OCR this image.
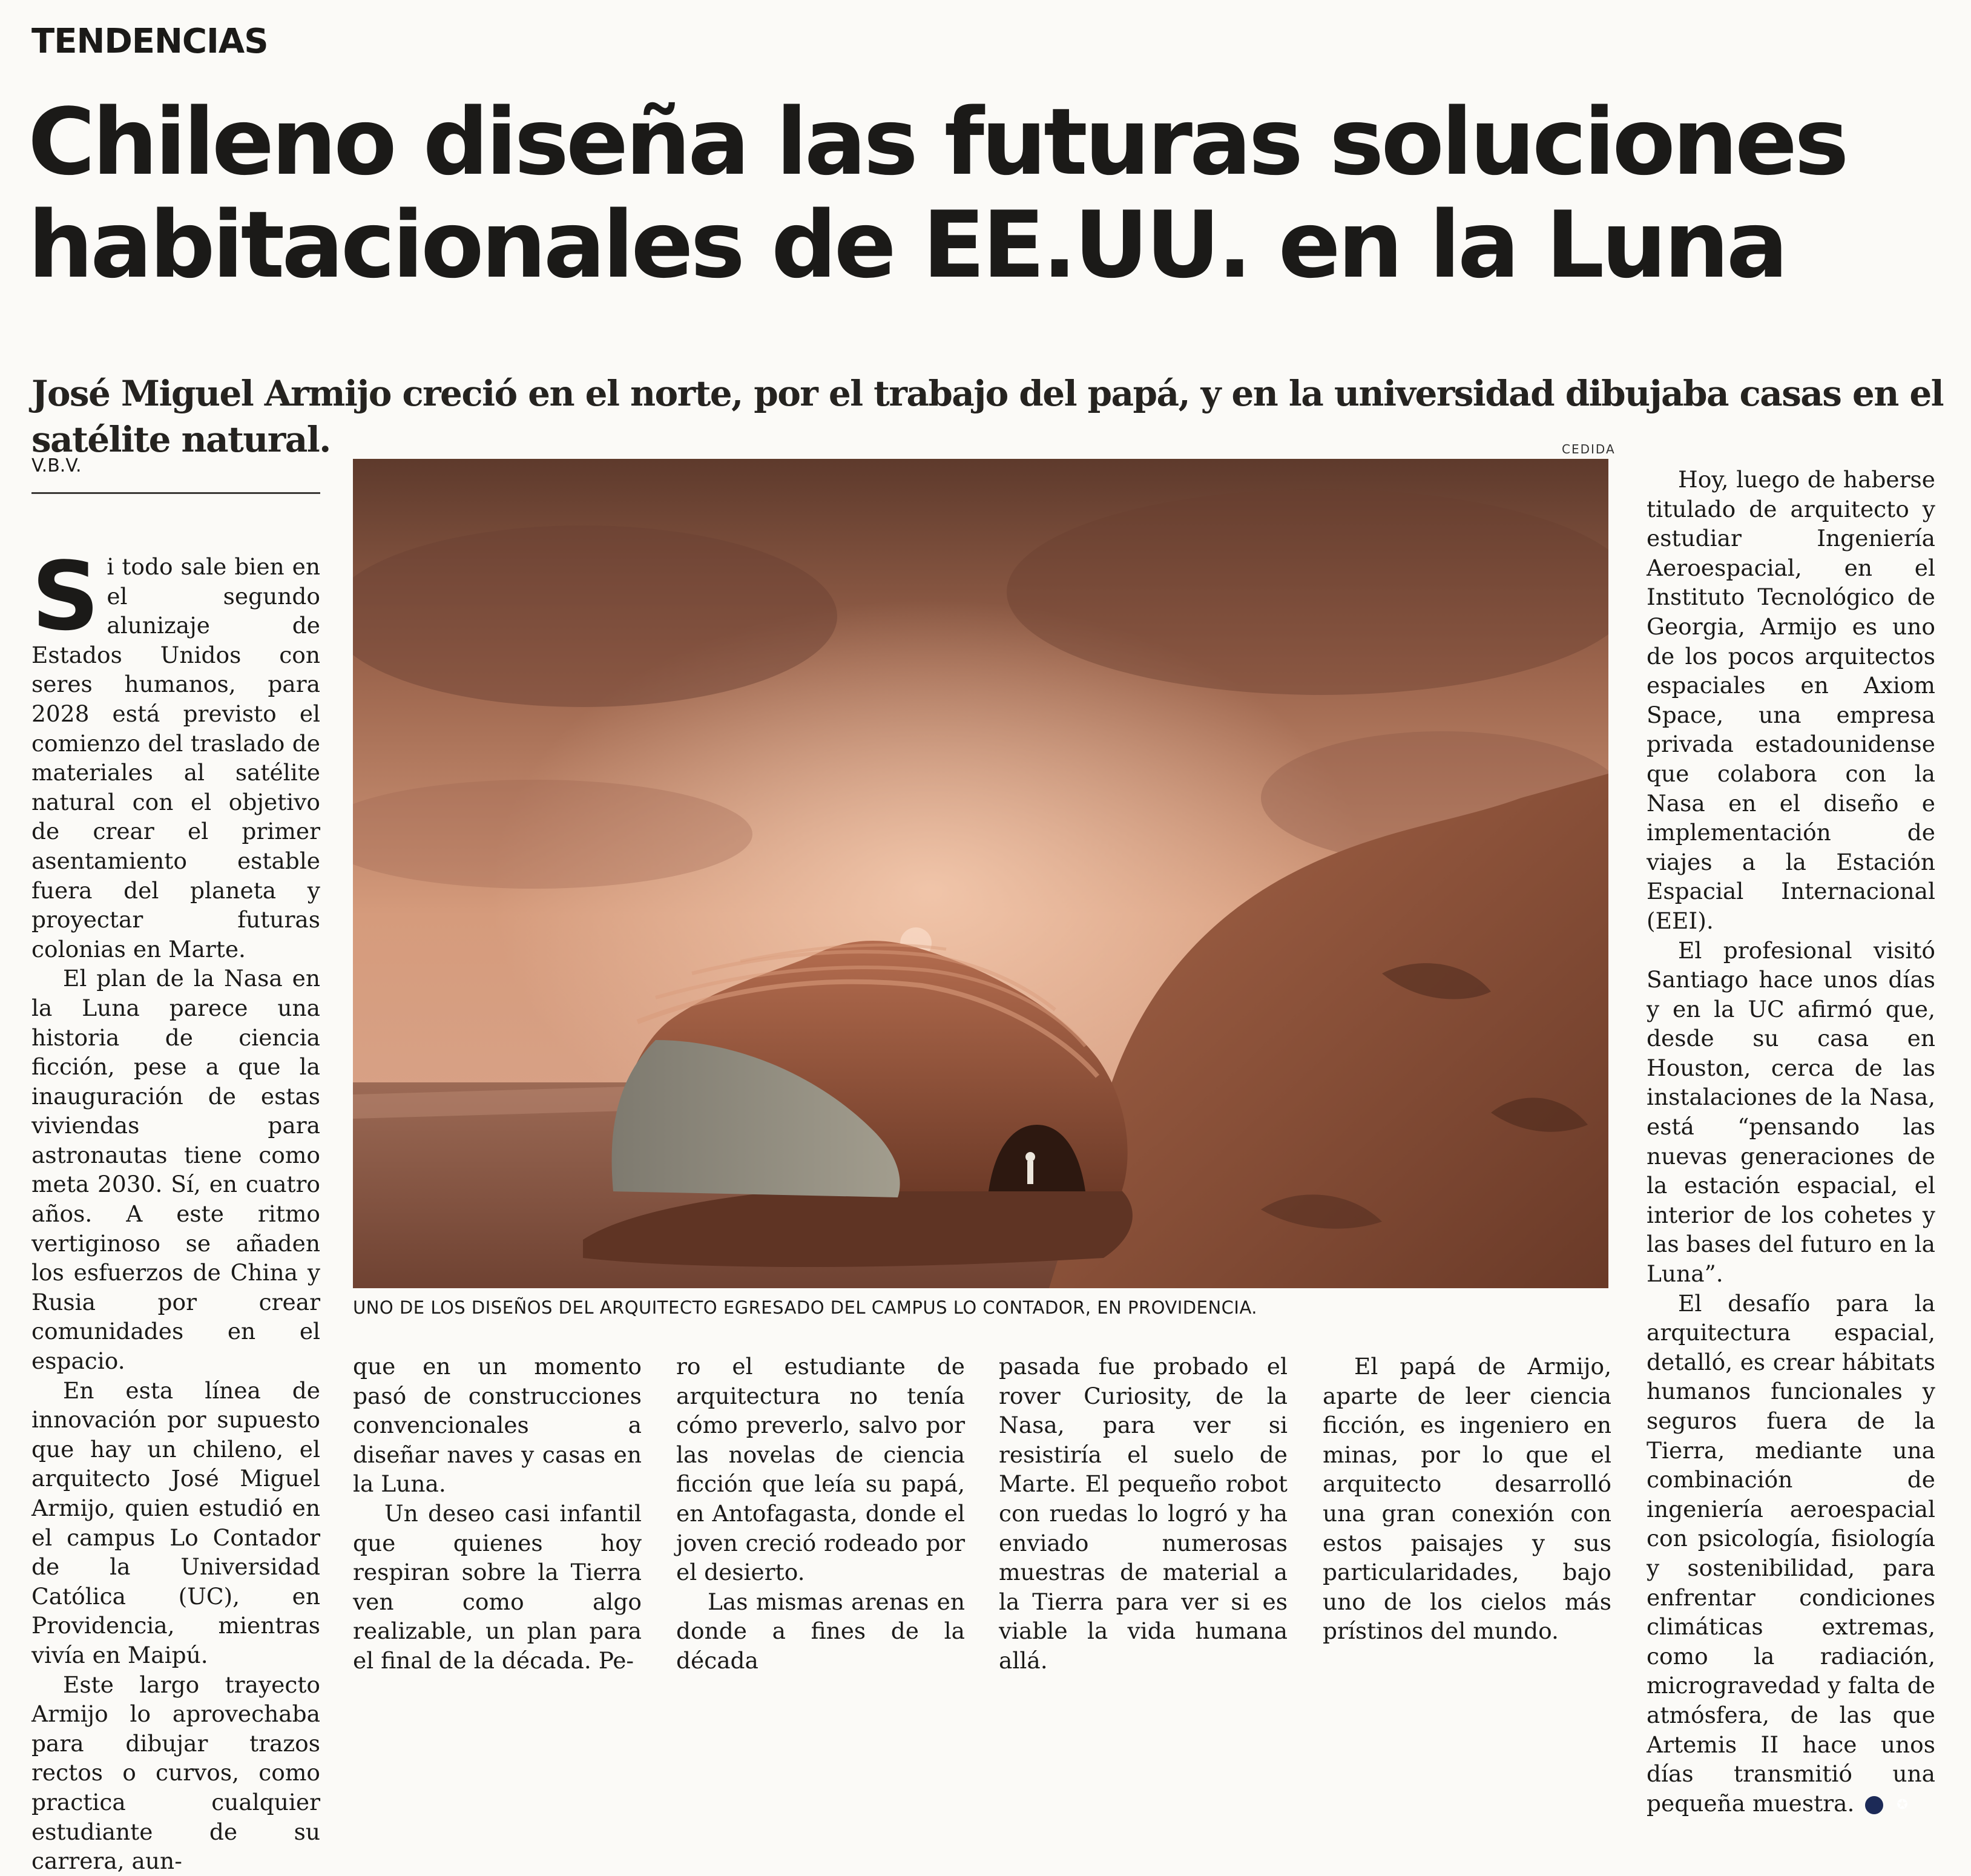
TENDENCIAS
Chileno diseña las futuras soluciones habitacionales de EE.UU. en la Luna
José Miguel Armijo creció en el norte, por el trabajo del papá, y en la universidad dibujaba casas en el satélite natural.
V.B.V.
CEDIDA
UNO DE LOS DISEÑOS DEL ARQUITECTO EGRESADO DEL CAMPUS LO CONTADOR, EN PROVIDENCIA.
S i todo sale bien en el segundo alunizaje de Estados Unidos con seres humanos, para 2028 está previsto el comienzo del traslado de materiales al satélite natural con el objetivo de crear el primer asentamiento estable fuera del planeta y proyectar futuras colonias en Marte.

El plan de la Nasa en la Luna parece una historia de ciencia ficción, pese a que la inauguración de estas viviendas para astronautas tiene como meta 2030. Sí, en cuatro años. A este ritmo vertiginoso se añaden los esfuerzos de China y Rusia por crear comunidades en el espacio.

En esta línea de innovación por supuesto que hay un chileno, el arquitecto José Miguel Armijo, quien estudió en el campus Lo Contador de la Universidad Católica (UC), en Providencia, mientras vivía en Maipú.

Este largo trayecto Armijo lo aprovechaba para dibujar trazos rectos o curvos, como practica cualquier estudiante de su carrera, aun-

que en un momento pasó de construcciones convencionales a diseñar naves y casas en la Luna.

Un deseo casi infantil que quienes hoy respiran sobre la Tierra ven como algo realizable, un plan para el final de la década. Pe-

ro el estudiante de arquitectura no tenía cómo preverlo, salvo por las novelas de ciencia ficción que leía su papá, en Antofagasta, donde el joven creció rodeado por el desierto.

Las mismas arenas en donde a fines de la década

pasada fue probado el rover Curiosity, de la Nasa, para ver si resistiría el suelo de Marte. El pequeño robot con ruedas lo logró y ha enviado numerosas muestras de material a la Tierra para ver si es viable la vida humana allá.

El papá de Armijo, aparte de leer ciencia ficción, es ingeniero en minas, por lo que el arquitecto desarrolló una gran conexión con estos paisajes y sus particularidades, bajo uno de los cielos más prístinos del mundo.

Hoy, luego de haberse titulado de arquitecto y estudiar Ingeniería Aeroespacial, en el Instituto Tecnológico de Georgia, Armijo es uno de los pocos arquitectos espaciales en Axiom Space, una empresa privada estadounidense que colabora con la Nasa en el diseño e implementación de viajes a la Estación Espacial Internacional (EEI).

El profesional visitó Santiago hace unos días y en la UC afirmó que, desde su casa en Houston, cerca de las instalaciones de la Nasa, está “pensando las nuevas generaciones de la estación espacial, el interior de los cohetes y las bases del futuro en la Luna”.

El desafío para la arquitectura espacial, detalló, es crear hábitats humanos funcionales y seguros fuera de la Tierra, mediante una combinación de ingeniería aeroespacial con psicología, fisiología y sostenibilidad, para enfrentar condiciones climáticas extremas, como la radiación, microgravedad y falta de atmósfera, de las que Artemis II hace unos días transmitió una pequeña muestra.	✪
